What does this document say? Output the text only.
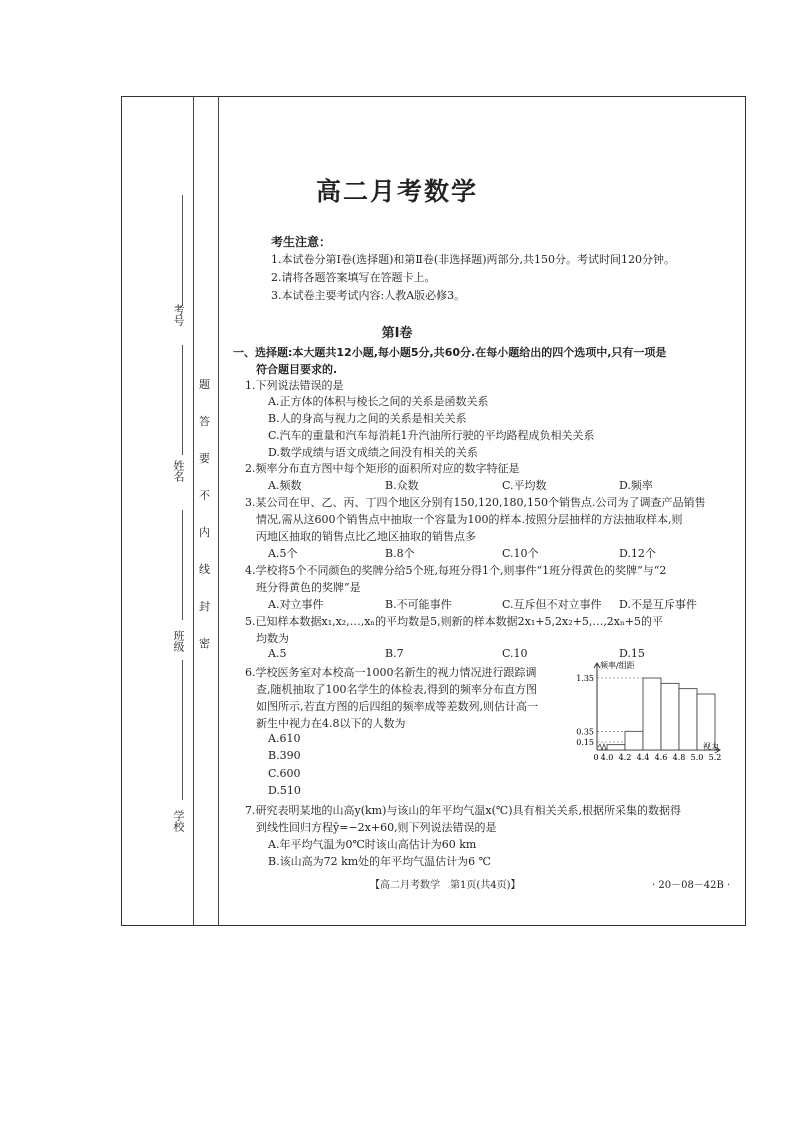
考号
姓名
班级
学校
题
答
要
不
内
线
封
密
高二月考数学
考生注意：
1.本试卷分第Ⅰ卷(选择题)和第Ⅱ卷(非选择题)两部分,共150分。考试时间120分钟。
2.请将各题答案填写在答题卡上。
3.本试卷主要考试内容:人教A版必修3。
第Ⅰ卷
一、选择题:本大题共12小题,每小题5分,共60分.在每小题给出的四个选项中,只有一项是
符合题目要求的.
1.下列说法错误的是
A.正方体的体积与棱长之间的关系是函数关系
B.人的身高与视力之间的关系是相关关系
C.汽车的重量和汽车每消耗1升汽油所行驶的平均路程成负相关关系
D.数学成绩与语文成绩之间没有相关的关系
2.频率分布直方图中每个矩形的面积所对应的数字特征是
A.频数	B.众数	C.平均数	D.频率
3.某公司在甲、乙、丙、丁四个地区分别有150,120,180,150个销售点.公司为了调查产品销售
情况,需从这600个销售点中抽取一个容量为100的样本.按照分层抽样的方法抽取样本,则
丙地区抽取的销售点比乙地区抽取的销售点多
A.5个	B.8个	C.10个	D.12个
4.学校将5个不同颜色的奖牌分给5个班,每班分得1个,则事件“1班分得黄色的奖牌”与“2
班分得黄色的奖牌”是
A.对立事件	B.不可能事件	C.互斥但不对立事件 D.不是互斥事件
5.已知样本数据x₁,x₂,…,xₙ的平均数是5,则新的样本数据2x₁+5,2x₂+5,…,2xₙ+5的平
均数为
A.5	B.7	C.10	D.15
6.学校医务室对本校高一1000名新生的视力情况进行跟踪调
查,随机抽取了100名学生的体检表,得到的频率分布直方图
如图所示,若直方图的后四组的频率成等差数列,则估计高一
新生中视力在4.8以下的人数为
A.610
B.390
C.600
D.510
0.15
0.35
1.35
0 4.0 4.2 4.4 4.6 4.8 5.0 5.2
频率/组距
视力
7.研究表明某地的山高y(km)与该山的年平均气温x(℃)具有相关关系,根据所采集的数据得
到线性回归方程ŷ=−2x+60,则下列说法错误的是
A.年平均气温为0℃时该山高估计为60 km
B.该山高为72 km处的年平均气温估计为6 ℃
【高二月考数学　第1页(共4页)】	· 20－08－42B ·
